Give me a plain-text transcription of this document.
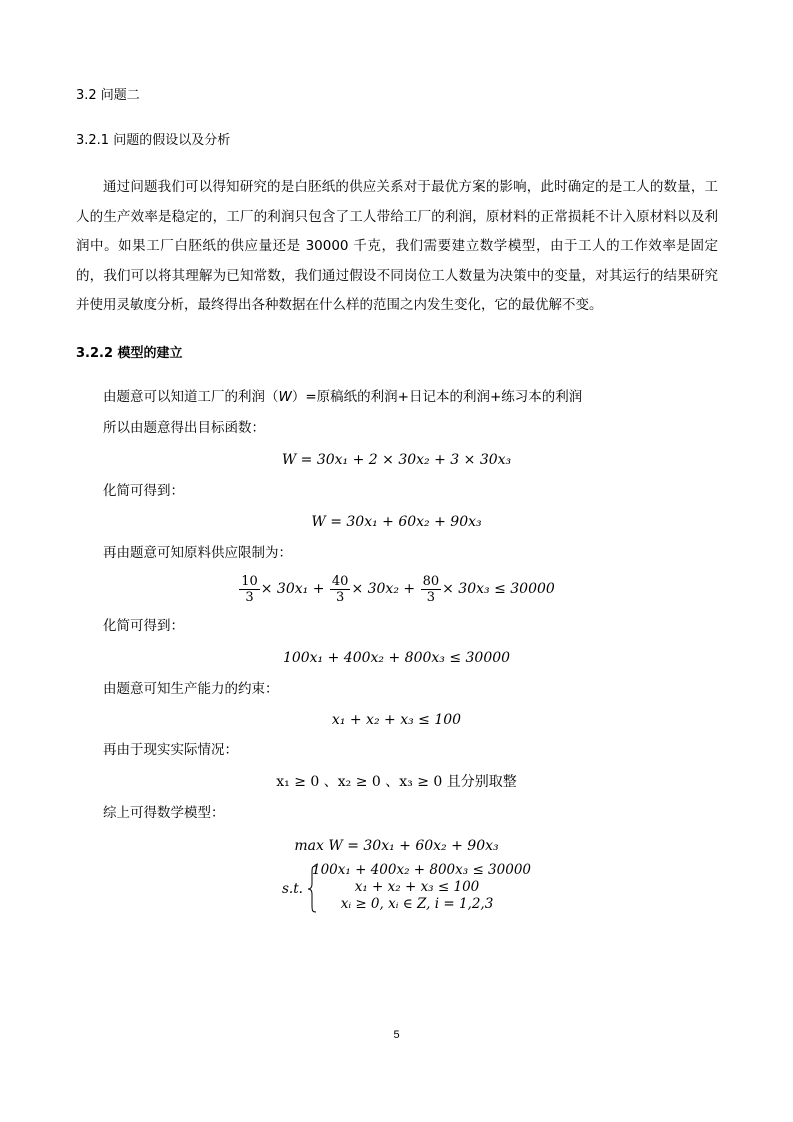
3.2 问题二
3.2.1 问题的假设以及分析
通过问题我们可以得知研究的是白胚纸的供应关系对于最优方案的影响，此时确定的是工人的数量，工人的生产效率是稳定的，工厂的利润只包含了工人带给工厂的利润，原材料的正常损耗不计入原材料以及利润中。如果工厂白胚纸的供应量还是 30000 千克，我们需要建立数学模型，由于工人的工作效率是固定的，我们可以将其理解为已知常数，我们通过假设不同岗位工人数量为决策中的变量，对其运行的结果研究并使用灵敏度分析，最终得出各种数据在什么样的范围之内发生变化，它的最优解不变。
3.2.2 模型的建立
由题意可以知道工厂的利润（W）=原稿纸的利润+日记本的利润+练习本的利润
所以由题意得出目标函数：
W = 30x₁ + 2 × 30x₂ + 3 × 30x₃
化简可得到：
W = 30x₁ + 60x₂ + 90x₃
再由题意可知原料供应限制为：
$\frac{10}{3} \times 30x_1 + \frac{40}{3} \times 30x_2 + \frac{80}{3} \times 30x_3 \le 30000$
化简可得到：
100x₁ + 400x₂ + 800x₃ ≤ 30000
由题意可知生产能力的约束：
x₁ + x₂ + x₃ ≤ 100
再由于现实实际情况：
x₁ ≥ 0 、x₂ ≥ 0 、x₃ ≥ 0 且分别取整
综上可得数学模型：
max W = 30x₁ + 60x₂ + 90x₃
s.t.
100x₁ + 400x₂ + 800x₃ ≤ 30000
x₁ + x₂ + x₃ ≤ 100
xᵢ ≥ 0, xᵢ ∈ Z, i = 1,2,3
5
